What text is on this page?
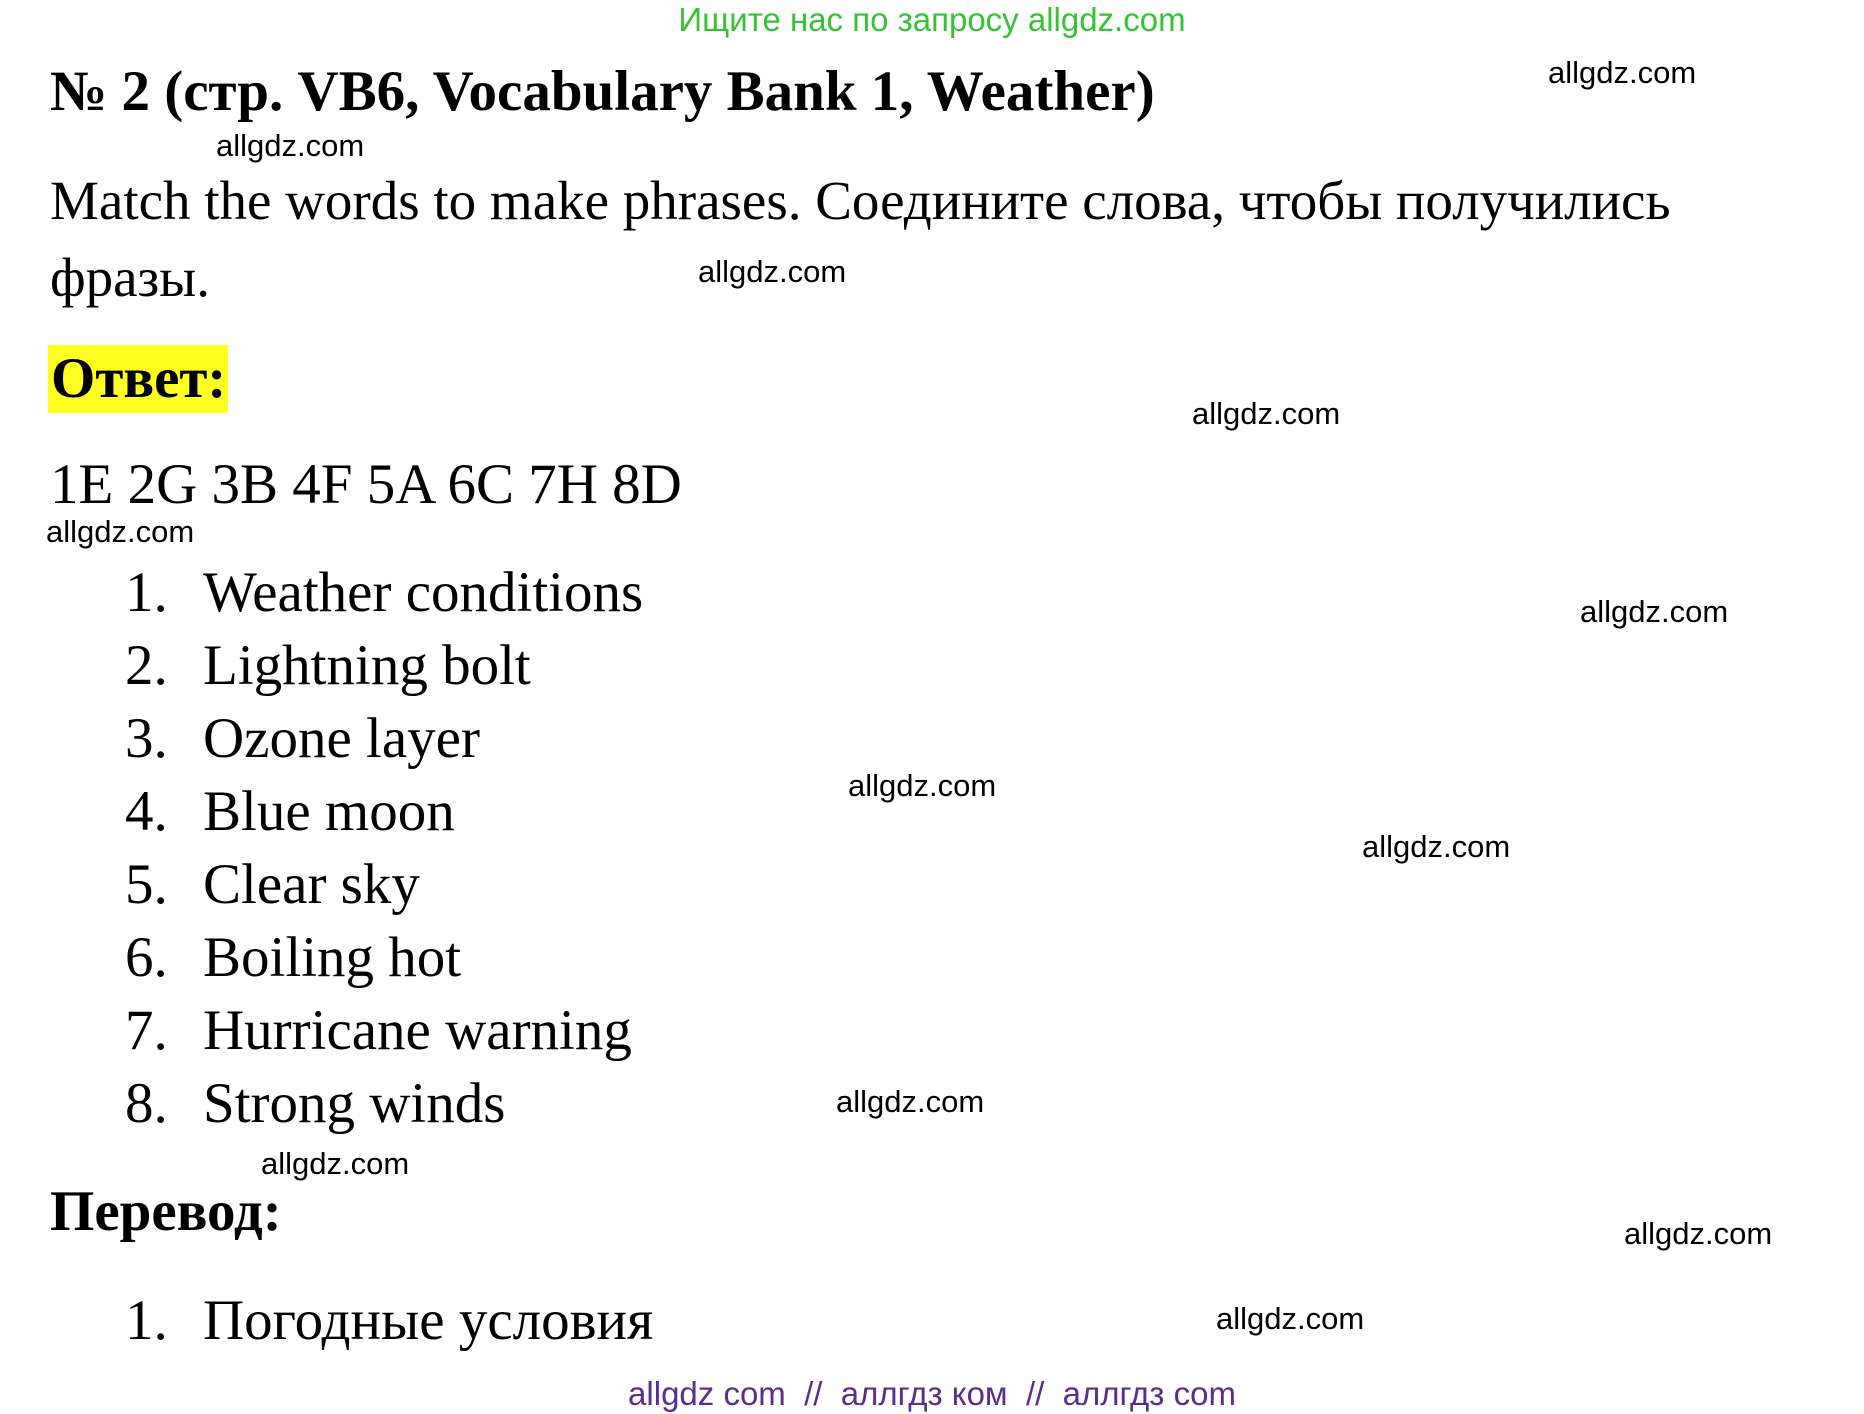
Ищите нас по запросу allgdz.com
№ 2 (стр. VB6, Vocabulary Bank 1, Weather)
Match the words to make phrases. Соедините слова, чтобы получились фразы.
Ответ:
1E 2G 3B 4F 5A 6C 7H 8D
1. Weather conditions
2. Lightning bolt
3. Ozone layer
4. Blue moon
5. Clear sky
6. Boiling hot
7. Hurricane warning
8. Strong winds
Перевод:
1. Погодные условия
allgdz.com
allgdz.com
allgdz.com
allgdz.com
allgdz.com
allgdz.com
allgdz.com
allgdz.com
allgdz.com
allgdz.com
allgdz.com
allgdz.com
allgdz com  //  аллгдз ком  //  аллгдз com
